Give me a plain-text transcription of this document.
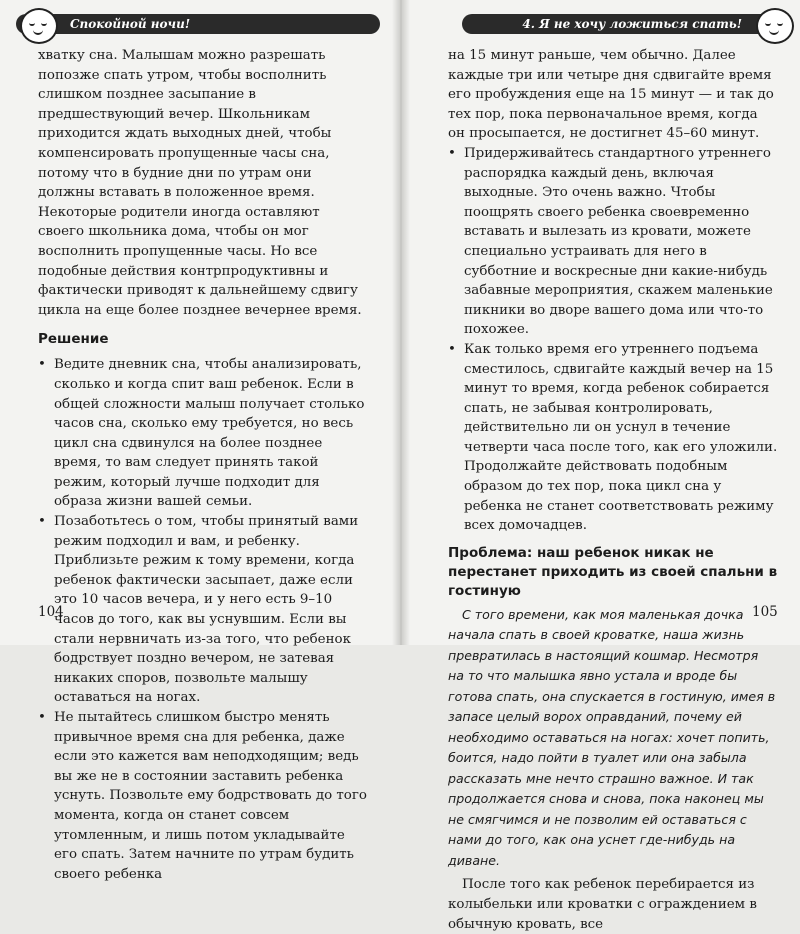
Спокойной ночи!

хватку сна. Малышам можно разрешать попозже спать утром, чтобы восполнить слишком позднее засыпание в предшествующий вечер. Школьникам приходится ждать выходных дней, чтобы компенсировать пропущенные часы сна, потому что в будние дни по утрам они должны вставать в положенное время. Некоторые родители иногда оставляют своего школьника дома, чтобы он мог восполнить пропущенные часы. Но все подобные действия контрпродуктивны и фактически приводят к дальнейшему сдвигу цикла на еще более позднее вечернее время.

Решение

• Ведите дневник сна, чтобы анализировать, сколько и когда спит ваш ребенок. Если в общей сложности малыш получает столько часов сна, сколько ему требуется, но весь цикл сна сдвинулся на более позднее время, то вам следует принять такой режим, который лучше подходит для образа жизни вашей семьи.

• Позаботьтесь о том, чтобы принятый вами режим подходил и вам, и ребенку. Приблизьте режим к тому времени, когда ребенок фактически засыпает, даже если это 10 часов вечера, и у него есть 9–10 часов до того, как вы уснувшим. Если вы стали нервничать из-за того, что ребенок бодрствует поздно вечером, не затевая никаких споров, позвольте малышу оставаться на ногах.

• Не пытайтесь слишком быстро менять привычное время сна для ребенка, даже если это кажется вам неподходящим; ведь вы же не в состоянии заставить ребенка уснуть. Позвольте ему бодрствовать до того момента, когда он станет совсем утомленным, и лишь потом укладывайте его спать. Затем начните по утрам будить своего ребенка

104
4. Я не хочу ложиться спать!

на 15 минут раньше, чем обычно. Далее каждые три или четыре дня сдвигайте время его пробуждения еще на 15 минут — и так до тех пор, пока первоначальное время, когда он просыпается, не достигнет 45–60 минут.

• Придерживайтесь стандартного утреннего распорядка каждый день, включая выходные. Это очень важно. Чтобы поощрять своего ребенка своевременно вставать и вылезать из кровати, можете специально устраивать для него в субботние и воскресные дни какие-нибудь забавные мероприятия, скажем маленькие пикники во дворе вашего дома или что-то похожее.

• Как только время его утреннего подъема сместилось, сдвигайте каждый вечер на 15 минут то время, когда ребенок собирается спать, не забывая контролировать, действительно ли он уснул в течение четверти часа после того, как его уложили. Продолжайте действовать подобным образом до тех пор, пока цикл сна у ребенка не станет соответствовать режиму всех домочадцев.

Проблема: наш ребенок никак не перестанет приходить из своей спальни в гостиную

С того времени, как моя маленькая дочка начала спать в своей кроватке, наша жизнь превратилась в настоящий кошмар. Несмотря на то что малышка явно устала и вроде бы готова спать, она спускается в гостиную, имея в запасе целый ворох оправданий, почему ей необходимо оставаться на ногах: хочет попить, боится, надо пойти в туалет или она забыла рассказать мне нечто страшно важное. И так продолжается снова и снова, пока наконец мы не смягчимся и не позволим ей оставаться с нами до того, как она уснет где-нибудь на диване.

После того как ребенок перебирается из колыбельки или кроватки с ограждением в обычную кровать, все

105
